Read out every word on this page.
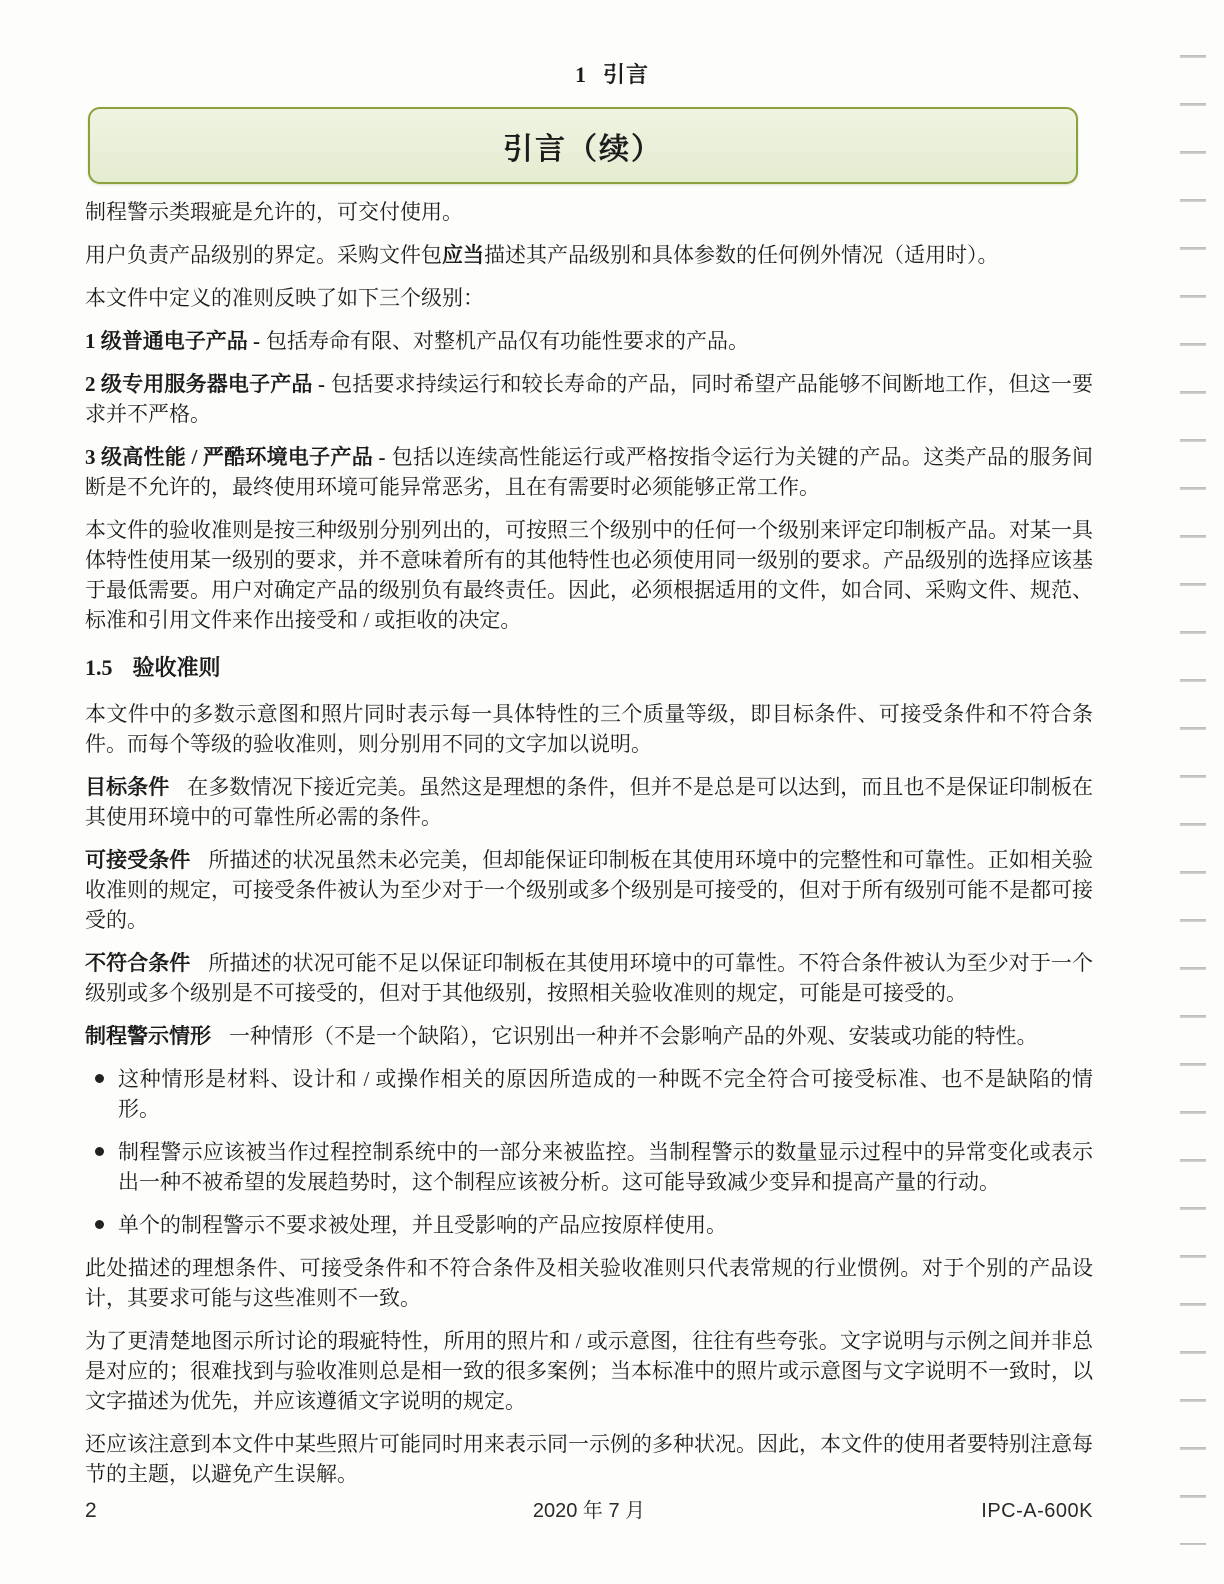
1 引言
引言（续）

制程警示类瑕疵是允许的，可交付使用。

用户负责产品级别的界定。采购文件包应当描述其产品级别和具体参数的任何例外情况（适用时）。

本文件中定义的准则反映了如下三个级别：

1 级普通电子产品 - 包括寿命有限、对整机产品仅有功能性要求的产品。

2 级专用服务器电子产品 - 包括要求持续运行和较长寿命的产品，同时希望产品能够不间断地工作，但这一要求并不严格。

3 级高性能 / 严酷环境电子产品 - 包括以连续高性能运行或严格按指令运行为关键的产品。这类产品的服务间断是不允许的，最终使用环境可能异常恶劣，且在有需要时必须能够正常工作。

本文件的验收准则是按三种级别分别列出的，可按照三个级别中的任何一个级别来评定印制板产品。对某一具体特性使用某一级别的要求，并不意味着所有的其他特性也必须使用同一级别的要求。产品级别的选择应该基于最低需要。用户对确定产品的级别负有最终责任。因此，必须根据适用的文件，如合同、采购文件、规范、标准和引用文件来作出接受和 / 或拒收的决定。

1.5 验收准则

本文件中的多数示意图和照片同时表示每一具体特性的三个质量等级，即目标条件、可接受条件和不符合条件。而每个等级的验收准则，则分别用不同的文字加以说明。

目标条件 在多数情况下接近完美。虽然这是理想的条件，但并不是总是可以达到，而且也不是保证印制板在其使用环境中的可靠性所必需的条件。

可接受条件 所描述的状况虽然未必完美，但却能保证印制板在其使用环境中的完整性和可靠性。正如相关验收准则的规定，可接受条件被认为至少对于一个级别或多个级别是可接受的，但对于所有级别可能不是都可接受的。

不符合条件 所描述的状况可能不足以保证印制板在其使用环境中的可靠性。不符合条件被认为至少对于一个级别或多个级别是不可接受的，但对于其他级别，按照相关验收准则的规定，可能是可接受的。

制程警示情形 一种情形（不是一个缺陷），它识别出一种并不会影响产品的外观、安装或功能的特性。

这种情形是材料、设计和 / 或操作相关的原因所造成的一种既不完全符合可接受标准、也不是缺陷的情形。
制程警示应该被当作过程控制系统中的一部分来被监控。当制程警示的数量显示过程中的异常变化或表示出一种不被希望的发展趋势时，这个制程应该被分析。这可能导致减少变异和提高产量的行动。
单个的制程警示不要求被处理，并且受影响的产品应按原样使用。

此处描述的理想条件、可接受条件和不符合条件及相关验收准则只代表常规的行业惯例。对于个别的产品设计，其要求可能与这些准则不一致。

为了更清楚地图示所讨论的瑕疵特性，所用的照片和 / 或示意图，往往有些夸张。文字说明与示例之间并非总是对应的；很难找到与验收准则总是相一致的很多案例；当本标准中的照片或示意图与文字说明不一致时，以文字描述为优先，并应该遵循文字说明的规定。

还应该注意到本文件中某些照片可能同时用来表示同一示例的多种状况。因此，本文件的使用者要特别注意每节的主题，以避免产生误解。

2	2020 年 7 月	IPC-A-600K
